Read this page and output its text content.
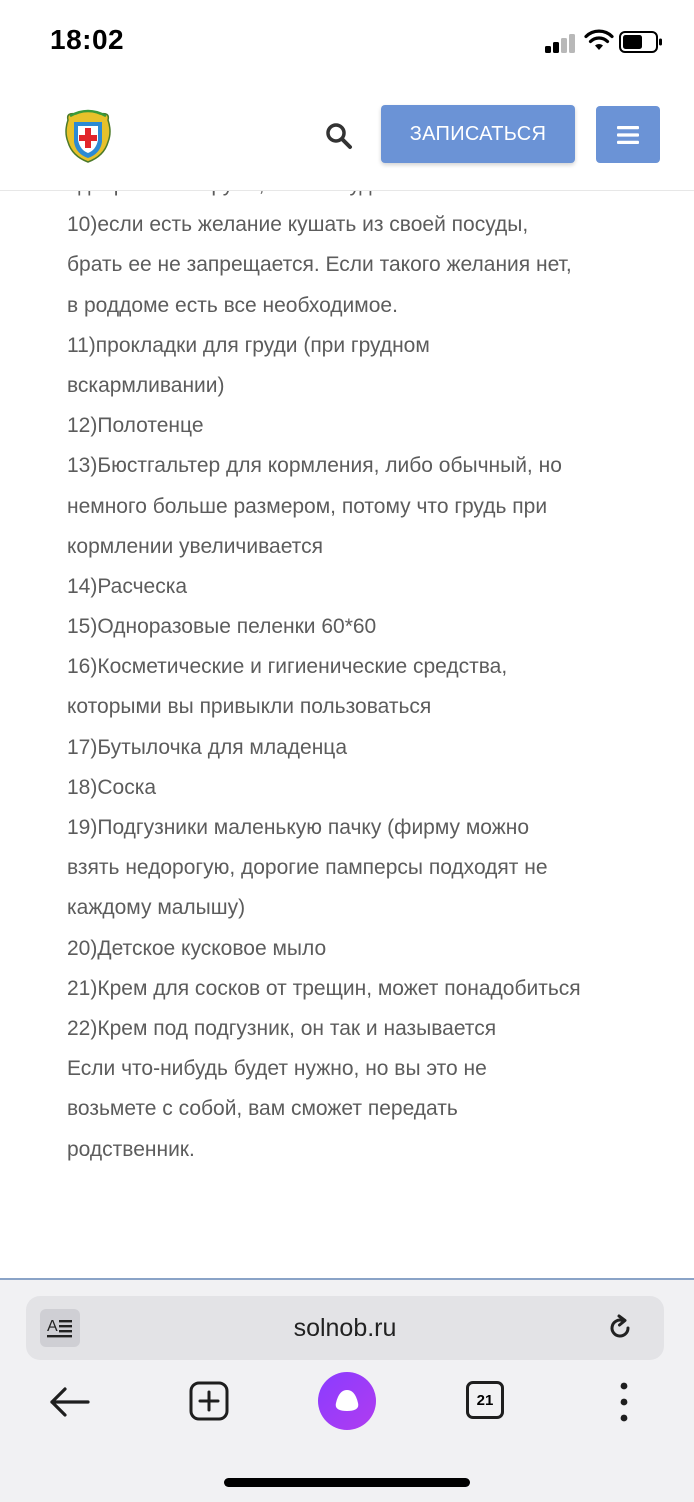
10)если есть желание кушать из своей посуды,
брать ее не запрещается. Если такого желания нет,
в роддоме есть все необходимое.
11)прокладки для груди (при грудном
вскармливании)
12)Полотенце
13)Бюстгальтер для кормления, либо обычный, но
немного больше размером, потому что грудь при
кормлении увеличивается
14)Расческа
15)Одноразовые пеленки 60*60
16)Косметические и гигиенические средства,
которыми вы привыкли пользоваться
17)Бутылочка для младенца
18)Соска
19)Подгузники маленькую пачку (фирму можно
взять недорогую, дорогие памперсы подходят не
каждому малышу)
20)Детское кусковое мыло
21)Крем для сосков от трещин, может понадобиться
22)Крем под подгузник, он так и называется
Если что-нибудь будет нужно, но вы это не
возьмете с собой, вам сможет передать
родственник.
18:02
ЗАПИСАТЬСЯ
solnob.ru
A
21
